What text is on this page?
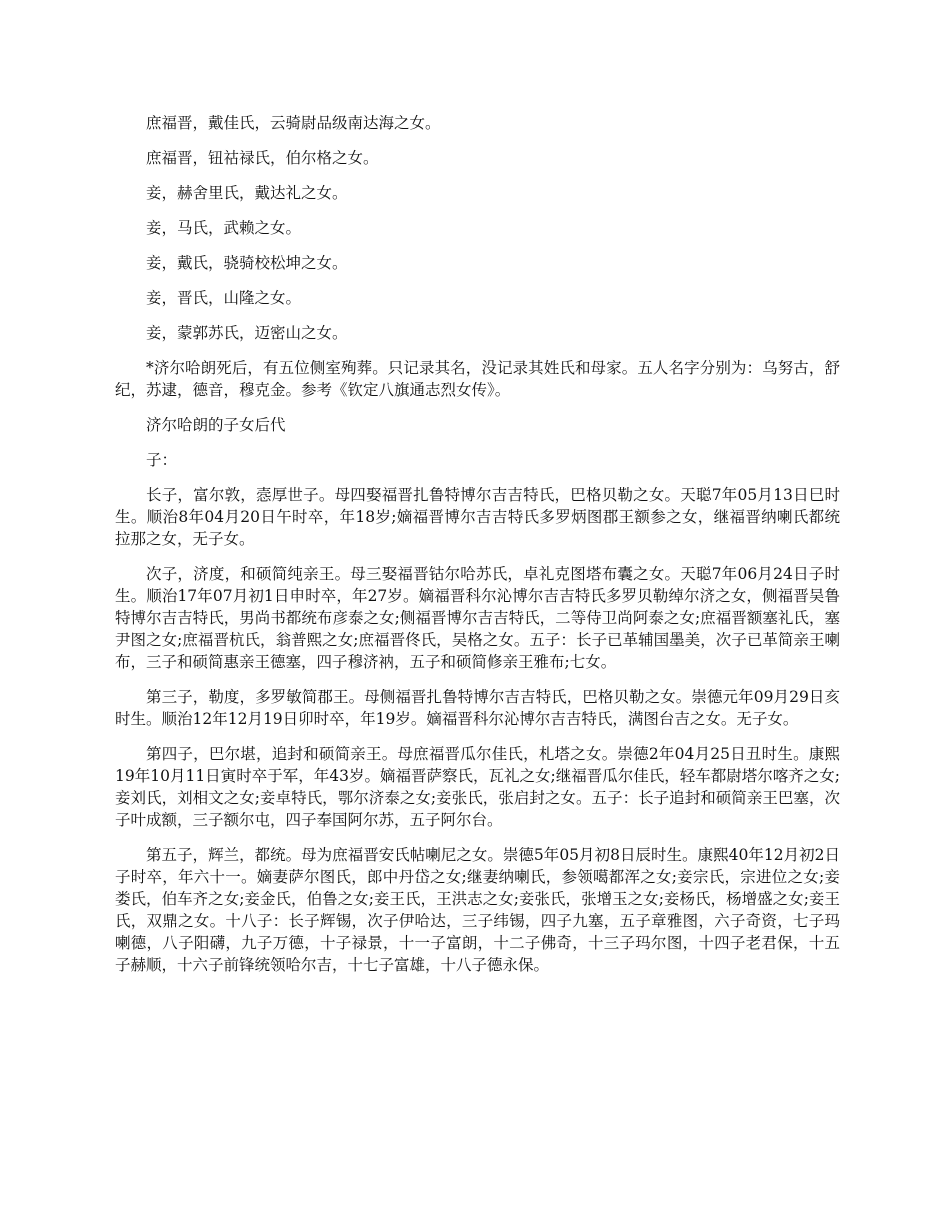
庶福晋，戴佳氏，云骑尉品级南达海之女。

庶福晋，钮祜禄氏，伯尔格之女。

妾，赫舍里氏，戴达礼之女。

妾，马氏，武赖之女。

妾，戴氏，骁骑校松坤之女。

妾，晋氏，山隆之女。

妾，蒙郭苏氏，迈密山之女。

*济尔哈朗死后，有五位侧室殉葬。只记录其名，没记录其姓氏和母家。五人名字分别为：乌努古，舒纪，苏逮，德音，穆克金。参考《钦定八旗通志烈女传》。

济尔哈朗的子女后代

子：

长子，富尔敦，悫厚世子。母四娶福晋扎鲁特博尔吉吉特氏，巴格贝勒之女。天聪7年05月13日巳时生。顺治8年04月20日午时卒，年18岁;嫡福晋博尔吉吉特氏多罗炳图郡王额参之女，继福晋纳喇氏都统拉那之女，无子女。

次子，济度，和硕简纯亲王。母三娶福晋钴尔哈苏氏，卓礼克图塔布囊之女。天聪7年06月24日子时生。顺治17年07月初1日申时卒，年27岁。嫡福晋科尔沁博尔吉吉特氏多罗贝勒绰尔济之女，侧福晋吴鲁特博尔吉吉特氏，男尚书都统布彦泰之女;侧福晋博尔吉吉特氏，二等侍卫尚阿泰之女;庶福晋额塞礼氏，塞尹图之女;庶福晋杭氏，翁普熙之女;庶福晋佟氏，吴格之女。五子：长子已革辅国墨美，次子已革简亲王喇布，三子和硕简惠亲王德塞，四子穆济衲，五子和硕简修亲王雅布;七女。

第三子，勒度，多罗敏简郡王。母侧福晋扎鲁特博尔吉吉特氏，巴格贝勒之女。崇德元年09月29日亥时生。顺治12年12月19日卯时卒，年19岁。嫡福晋科尔沁博尔吉吉特氏，满图台吉之女。无子女。

第四子，巴尔堪，追封和硕简亲王。母庶福晋瓜尔佳氏，札塔之女。崇德2年04月25日丑时生。康熙19年10月11日寅时卒于军，年43岁。嫡福晋萨察氏，瓦礼之女;继福晋瓜尔佳氏，轻车都尉塔尔喀齐之女;妾刘氏，刘相文之女;妾卓特氏，鄂尔济泰之女;妾张氏，张启封之女。五子：长子追封和硕简亲王巴塞，次子叶成额，三子额尔屯，四子奉国阿尔苏，五子阿尔台。

第五子，辉兰，都统。母为庶福晋安氏帖喇尼之女。崇德5年05月初8日辰时生。康熙40年12月初2日子时卒，年六十一。嫡妻萨尔图氏，郎中丹岱之女;继妻纳喇氏，参领噶都浑之女;妾宗氏，宗进位之女;妾娄氏，伯车齐之女;妾金氏，伯鲁之女;妾王氏，王洪志之女;妾张氏，张增玉之女;妾杨氏，杨增盛之女;妾王氏，双鼎之女。十八子：长子辉锡，次子伊哈达，三子纬锡，四子九塞，五子章雅图，六子奇资，七子玛喇德，八子阳礴，九子万德，十子禄景，十一子富朗，十二子佛奇，十三子玛尔图，十四子老君保，十五子赫顺，十六子前锋统领哈尔吉，十七子富雄，十八子德永保。
